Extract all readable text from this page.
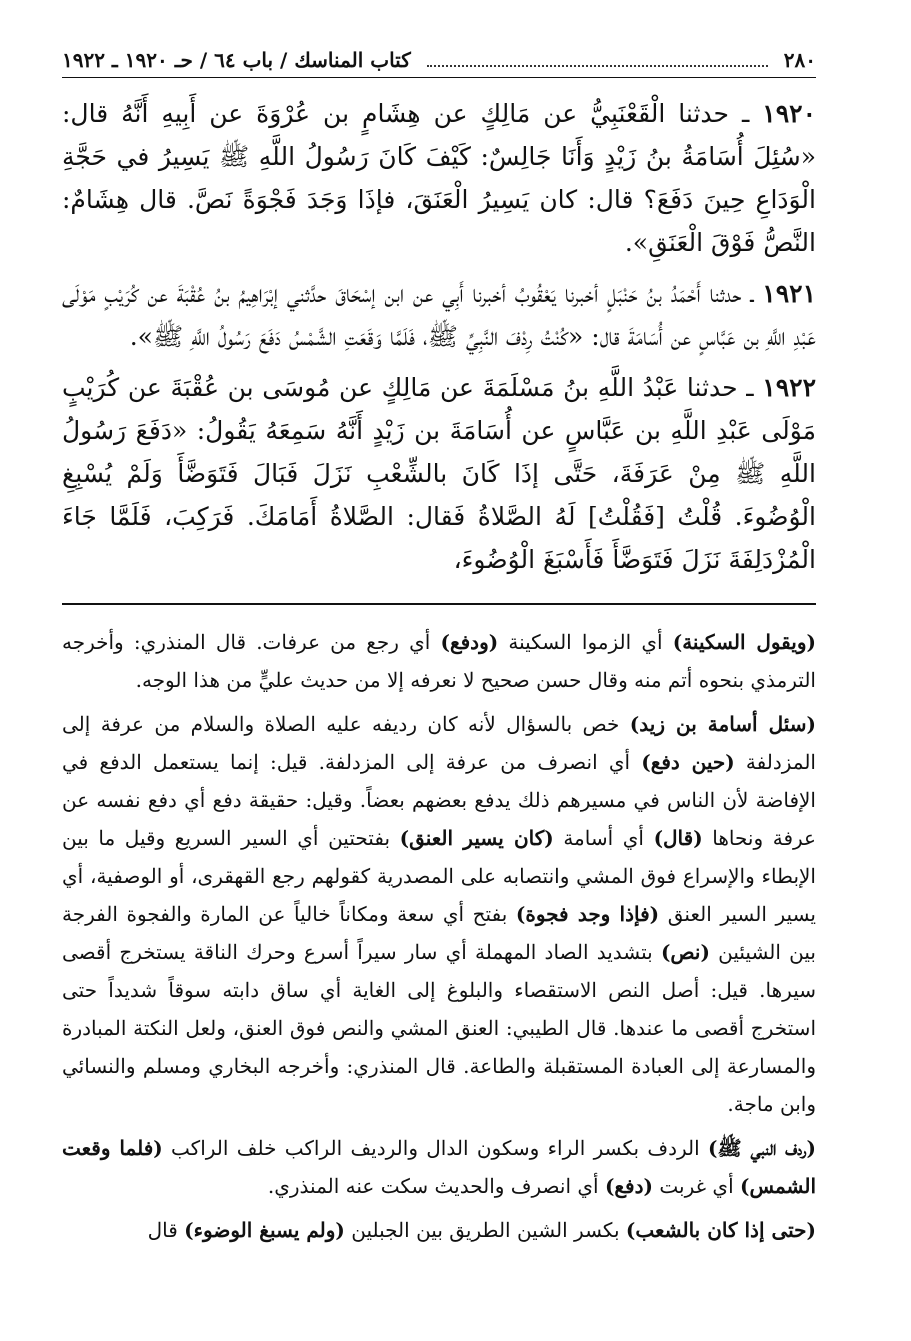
٢٨٠
كتاب المناسك / باب ٦٤ / حـ ١٩٢٠ ـ ١٩٢٢

١٩٢٠ ـ حدثنا الْقَعْنَبِيُّ عن مَالِكٍ عن هِشَامٍ بن عُرْوَةَ عن أَبِيهِ أَنَّهُ قال: «سُئِلَ أُسَامَةُ بنُ زَيْدٍ وَأَنَا جَالِسٌ: كَيْفَ كَانَ رَسُولُ اللَّهِ ﷺ يَسِيرُ في حَجَّةِ الْوَدَاعِ حِينَ دَفَعَ؟ قال: كان يَسِيرُ الْعَنَقَ، فإذَا وَجَدَ فَجْوَةً نَصَّ. قال هِشَامٌ: النَّصُّ فَوْقَ الْعَنَقِ».

١٩٢١ ـ حدثنا أَحْمَدُ بنُ حَنْبَلٍ أخبرنا يَعْقُوبُ أخبرنا أَبِي عن ابن إسْحَاقَ حدَّثني إبْرَاهِيمُ بنُ عُقْبَةَ عن كُرَيْبٍ مَوْلَى عَبْدِ اللَّهِ بن عَبَّاسٍ عن أُسَامَةَ قال: «كُنْتُ رِدْفَ النَّبِيِّ ﷺ، فَلَمَّا وَقَعَتِ الشَّمْسُ دَفَعَ رَسُولُ اللَّهِ ﷺ».

١٩٢٢ ـ حدثنا عَبْدُ اللَّهِ بنُ مَسْلَمَةَ عن مَالِكٍ عن مُوسَى بن عُقْبَةَ عن كُرَيْبٍ مَوْلَى عَبْدِ اللَّهِ بن عَبَّاسٍ عن أُسَامَةَ بن زَيْدٍ أَنَّهُ سَمِعَهُ يَقُولُ: «دَفَعَ رَسُولُ اللَّهِ ﷺ مِنْ عَرَفَةَ، حَتَّى إذَا كَانَ بالشِّعْبِ نَزَلَ فَبَالَ فَتَوَضَّأَ وَلَمْ يُسْبِغِ الْوُضُوءَ. قُلْتُ [فَقُلْتُ] لَهُ الصَّلاةُ فَقال: الصَّلاةُ أَمَامَكَ. فَرَكِبَ، فَلَمَّا جَاءَ الْمُزْدَلِفَةَ نَزَلَ فَتَوَضَّأَ فَأَسْبَغَ الْوُضُوءَ،

(ويقول السكينة) أي الزموا السكينة (ودفع) أي رجع من عرفات. قال المنذري: وأخرجه الترمذي بنحوه أتم منه وقال حسن صحيح لا نعرفه إلا من حديث عليٍّ من هذا الوجه.

(سئل أسامة بن زيد) خص بالسؤال لأنه كان رديفه عليه الصلاة والسلام من عرفة إلى المزدلفة (حين دفع) أي انصرف من عرفة إلى المزدلفة. قيل: إنما يستعمل الدفع في الإفاضة لأن الناس في مسيرهم ذلك يدفع بعضهم بعضاً. وقيل: حقيقة دفع أي دفع نفسه عن عرفة ونحاها (قال) أي أسامة (كان يسير العنق) بفتحتين أي السير السريع وقيل ما بين الإبطاء والإسراع فوق المشي وانتصابه على المصدرية كقولهم رجع القهقرى، أو الوصفية، أي يسير السير العنق (فإذا وجد فجوة) بفتح أي سعة ومكاناً خالياً عن المارة والفجوة الفرجة بين الشيئين (نص) بتشديد الصاد المهملة أي سار سيراً أسرع وحرك الناقة يستخرج أقصى سيرها. قيل: أصل النص الاستقصاء والبلوغ إلى الغاية أي ساق دابته سوقاً شديداً حتى استخرج أقصى ما عندها. قال الطيبي: العنق المشي والنص فوق العنق، ولعل النكتة المبادرة والمسارعة إلى العبادة المستقبلة والطاعة. قال المنذري: وأخرجه البخاري ومسلم والنسائي وابن ماجة.

(ردف النبي ﷺ) الردف بكسر الراء وسكون الدال والرديف الراكب خلف الراكب (فلما وقعت الشمس) أي غربت (دفع) أي انصرف والحديث سكت عنه المنذري.

(حتى إذا كان بالشعب) بكسر الشين الطريق بين الجبلين (ولم يسبغ الوضوء) قال
